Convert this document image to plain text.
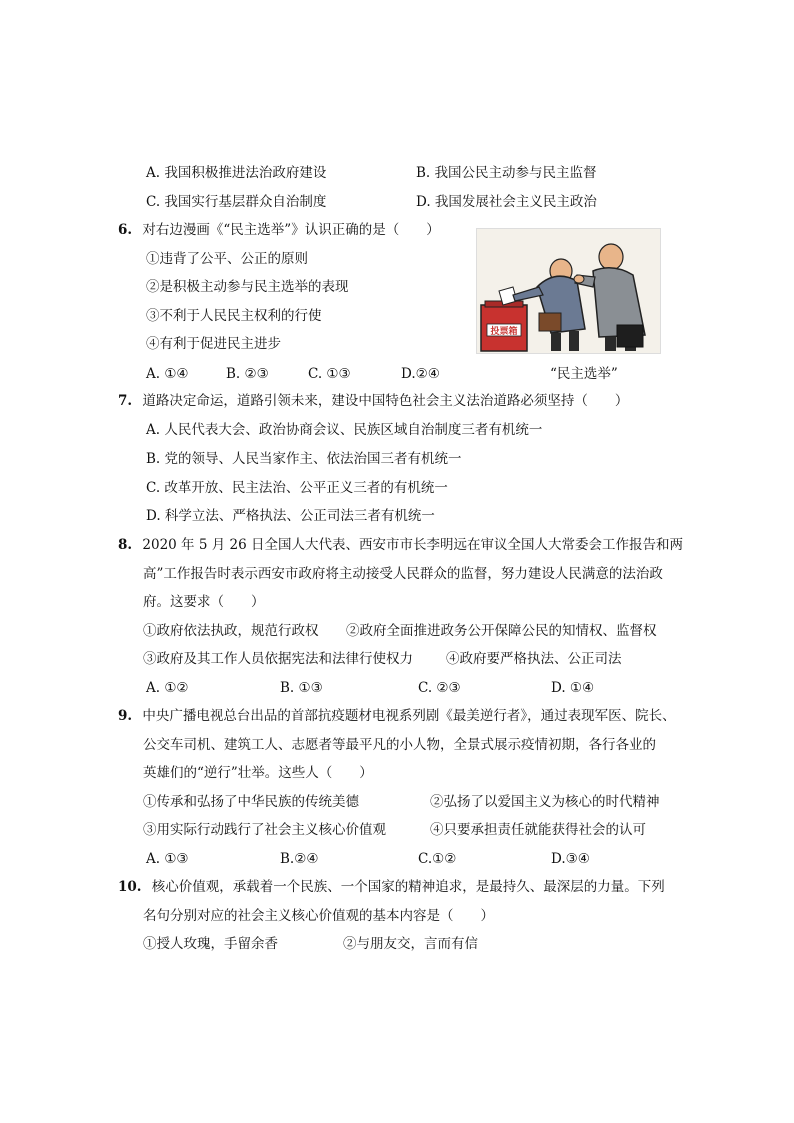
A. 我国积极推进法治政府建设	B. 我国公民主动参与民主监督
C. 我国实行基层群众自治制度	D. 我国发展社会主义民主政治
6. 对右边漫画《“民主选举”》认识正确的是（　　）
①违背了公平、公正的原则
②是积极主动参与民主选举的表现
③不利于人民民主权利的行使
④有利于促进民主进步
投票箱
A. ①④	B. ②③	C. ①③	D.②④	“民主选举”
7. 道路决定命运，道路引领未来，建设中国特色社会主义法治道路必须坚持（　　）
A. 人民代表大会、政治协商会议、民族区域自治制度三者有机统一
B. 党的领导、人民当家作主、依法治国三者有机统一
C. 改革开放、民主法治、公平正义三者的有机统一
D. 科学立法、严格执法、公正司法三者有机统一
8. 2020 年 5 月 26 日全国人大代表、西安市市长李明远在审议全国人大常委会工作报告和两
高”工作报告时表示西安市政府将主动接受人民群众的监督，努力建设人民满意的法治政
府。这要求（　　）
①政府依法执政，规范行政权 ②政府全面推进政务公开保障公民的知情权、监督权
③政府及其工作人员依据宪法和法律行使权力 ④政府要严格执法、公正司法
A. ①②	B. ①③	C. ②③	D. ①④
9. 中央广播电视总台出品的首部抗疫题材电视系列剧《最美逆行者》，通过表现军医、院长、
公交车司机、建筑工人、志愿者等最平凡的小人物，全景式展示疫情初期，各行各业的
英雄们的“逆行”壮举。这些人（　　）
①传承和弘扬了中华民族的传统美德	②弘扬了以爱国主义为核心的时代精神
③用实际行动践行了社会主义核心价值观	④只要承担责任就能获得社会的认可
A. ①③	B.②④	C.①②	D.③④
10. 核心价值观，承载着一个民族、一个国家的精神追求，是最持久、最深层的力量。下列
名句分别对应的社会主义核心价值观的基本内容是（　　）
①授人玫瑰，手留余香	②与朋友交，言而有信
